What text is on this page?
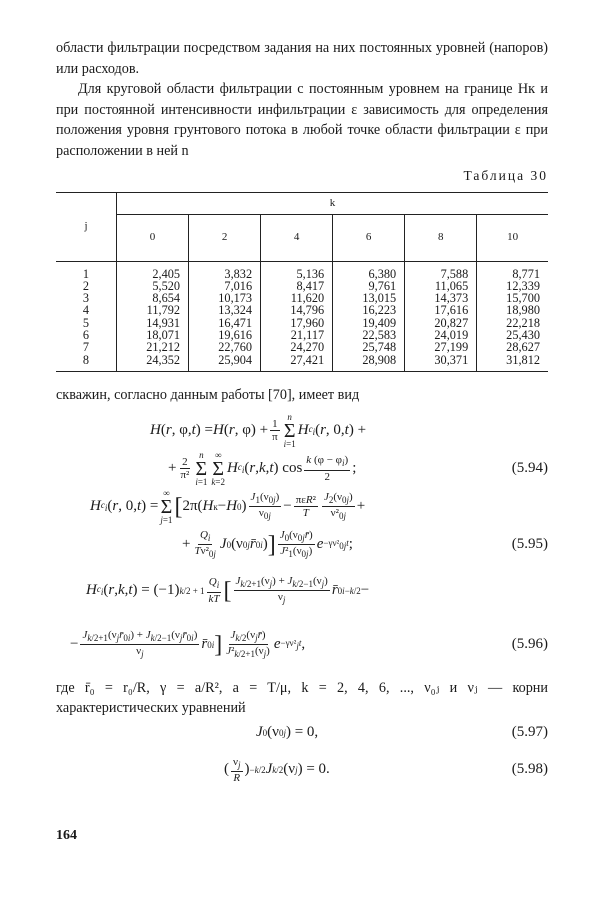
области фильтрации посредством задания на них постоянных уровней (напоров) или расходов.

Для круговой области фильтрации с постоянным уровнем на границе Нк и при постоянной интенсивности инфильтрации ε зависимость для определения положения уровня грунтового потока в любой точке области фильтрации ε при расположении в ней n

Таблица 30
j	k					
	0	2	4	6	8	10
1	2,405	3,832	5,136	6,380	7,588	8,771
2	5,520	7,016	8,417	9,761	11,065	12,339
3	8,654	10,173	11,620	13,015	14,373	15,700
4	11,792	13,324	14,796	16,223	17,616	18,980
5	14,931	16,471	17,960	19,409	20,827	22,218
6	18,071	19,616	21,117	22,583	24,019	25,430
7	21,212	22,760	24,270	25,748	27,199	28,627
8	24,352	25,904	27,421	28,908	30,371	31,812

скважин, согласно данным работы [70], имеет вид

H ( r , φ, t ) = H ( r , $\varphi) + \frac{1}{\pi}$
n
Σ
i=1
H $c_i$ ( r , 0, t ) +
+ $\frac{2}{\text{π²}}$
n
Σ
i=1
∞
Σ
k=2
H $c_i$ ( r , k , t ) $\cos \frac{k (\varphi - \varphi_i)}{2}$ ;	(5.94)
H $c_i$ ( r , 0, t ) =
∞
Σ
j=1 [ 2π( H к − H 0 ) $\frac{J_1(\nu_{0j})}{\nu_{0j}} - \frac{\text{πεR²}}{T} \frac{J_2(\nu_{0j})}{\nu^2_{0j}}$ +
+ $\frac{Q_i}{T\nu^2_{0j}}$ J 0 (ν 0j r̄ 0i ) ] $\frac{J_0(\nu_{0j}r̄)}{J^2_1(\nu_{0j})}$ $e -\gamma\nu^2_{0j}t$ ;	(5.95)
H $c_i$ ( r , k , t ) = (−1) $k/2 + 1 \frac{Q_i}{kT}$ [ $\frac{J_{k/2+1}(\nu_j) + J_{k/2-1}(\nu_j)}{\nu_j}$ r̄ 0i −k/2 −
− $\frac{J_{k/2+1}(\nu_jr̄_{0i}) + J_{k/2-1}(\nu_jr̄_{0i})}{\nu_j}$ r̄ 0i ] $\frac{J_{k/2}(\nu_jr̄)}{J^2_{k/2+1}(\nu_j)}$ $e -\gamma\nu^2_jt$ ,	(5.96)

где r̄₀ = r₀/R, γ = a/R², a = T/μ, k = 2, 4, 6, ..., ν₀ⱼ и νⱼ — корни

характеристических уравнений

J 0 (ν 0j ) = 0,	(5.97)
( $\frac{\nu_j}{R}$ ) −k/2 J k/2 (ν j ) = 0.	(5.98)
164
